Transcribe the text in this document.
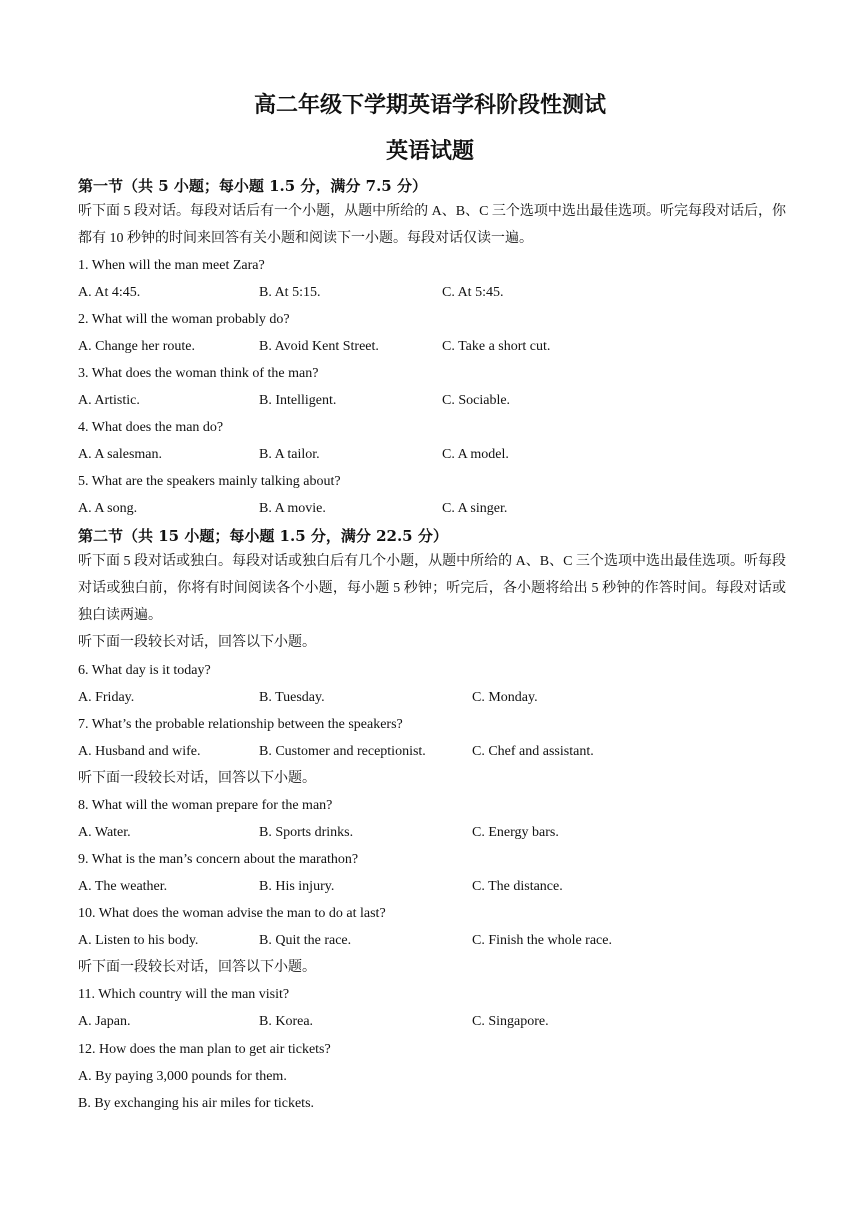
高二年级下学期英语学科阶段性测试
英语试题
第一节（共 5 小题；每小题 1.5 分，满分 7.5 分）
听下面 5 段对话。每段对话后有一个小题，从题中所给的 A、B、C 三个选项中选出最佳选项。听完每段对话后，你都有 10 秒钟的时间来回答有关小题和阅读下一小题。每段对话仅读一遍。
1. When will the man meet Zara?
A. At 4:45.	B. At 5:15.	C. At 5:45.
2. What will the woman probably do?
A. Change her route.	B. Avoid Kent Street.	C. Take a short cut.
3. What does the woman think of the man?
A. Artistic.	B. Intelligent.	C. Sociable.
4. What does the man do?
A. A salesman.	B. A tailor.	C. A model.
5. What are the speakers mainly talking about?
A. A song.	B. A movie.	C. A singer.
第二节（共 15 小题；每小题 1.5 分，满分 22.5 分）
听下面 5 段对话或独白。每段对话或独白后有几个小题，从题中所给的 A、B、C 三个选项中选出最佳选项。听每段对话或独白前，你将有时间阅读各个小题，每小题 5 秒钟；听完后，各小题将给出 5 秒钟的作答时间。每段对话或独白读两遍。
听下面一段较长对话，回答以下小题。
6. What day is it today?
A. Friday.	B. Tuesday.	C. Monday.
7. What’s the probable relationship between the speakers?
A. Husband and wife.	B. Customer and receptionist.	C. Chef and assistant.
听下面一段较长对话，回答以下小题。
8. What will the woman prepare for the man?
A. Water.	B. Sports drinks.	C. Energy bars.
9. What is the man’s concern about the marathon?
A. The weather.	B. His injury.	C. The distance.
10. What does the woman advise the man to do at last?
A. Listen to his body.	B. Quit the race.	C. Finish the whole race.
听下面一段较长对话，回答以下小题。
11. Which country will the man visit?
A. Japan.	B. Korea.	C. Singapore.
12. How does the man plan to get air tickets?
A. By paying 3,000 pounds for them.
B. By exchanging his air miles for tickets.
